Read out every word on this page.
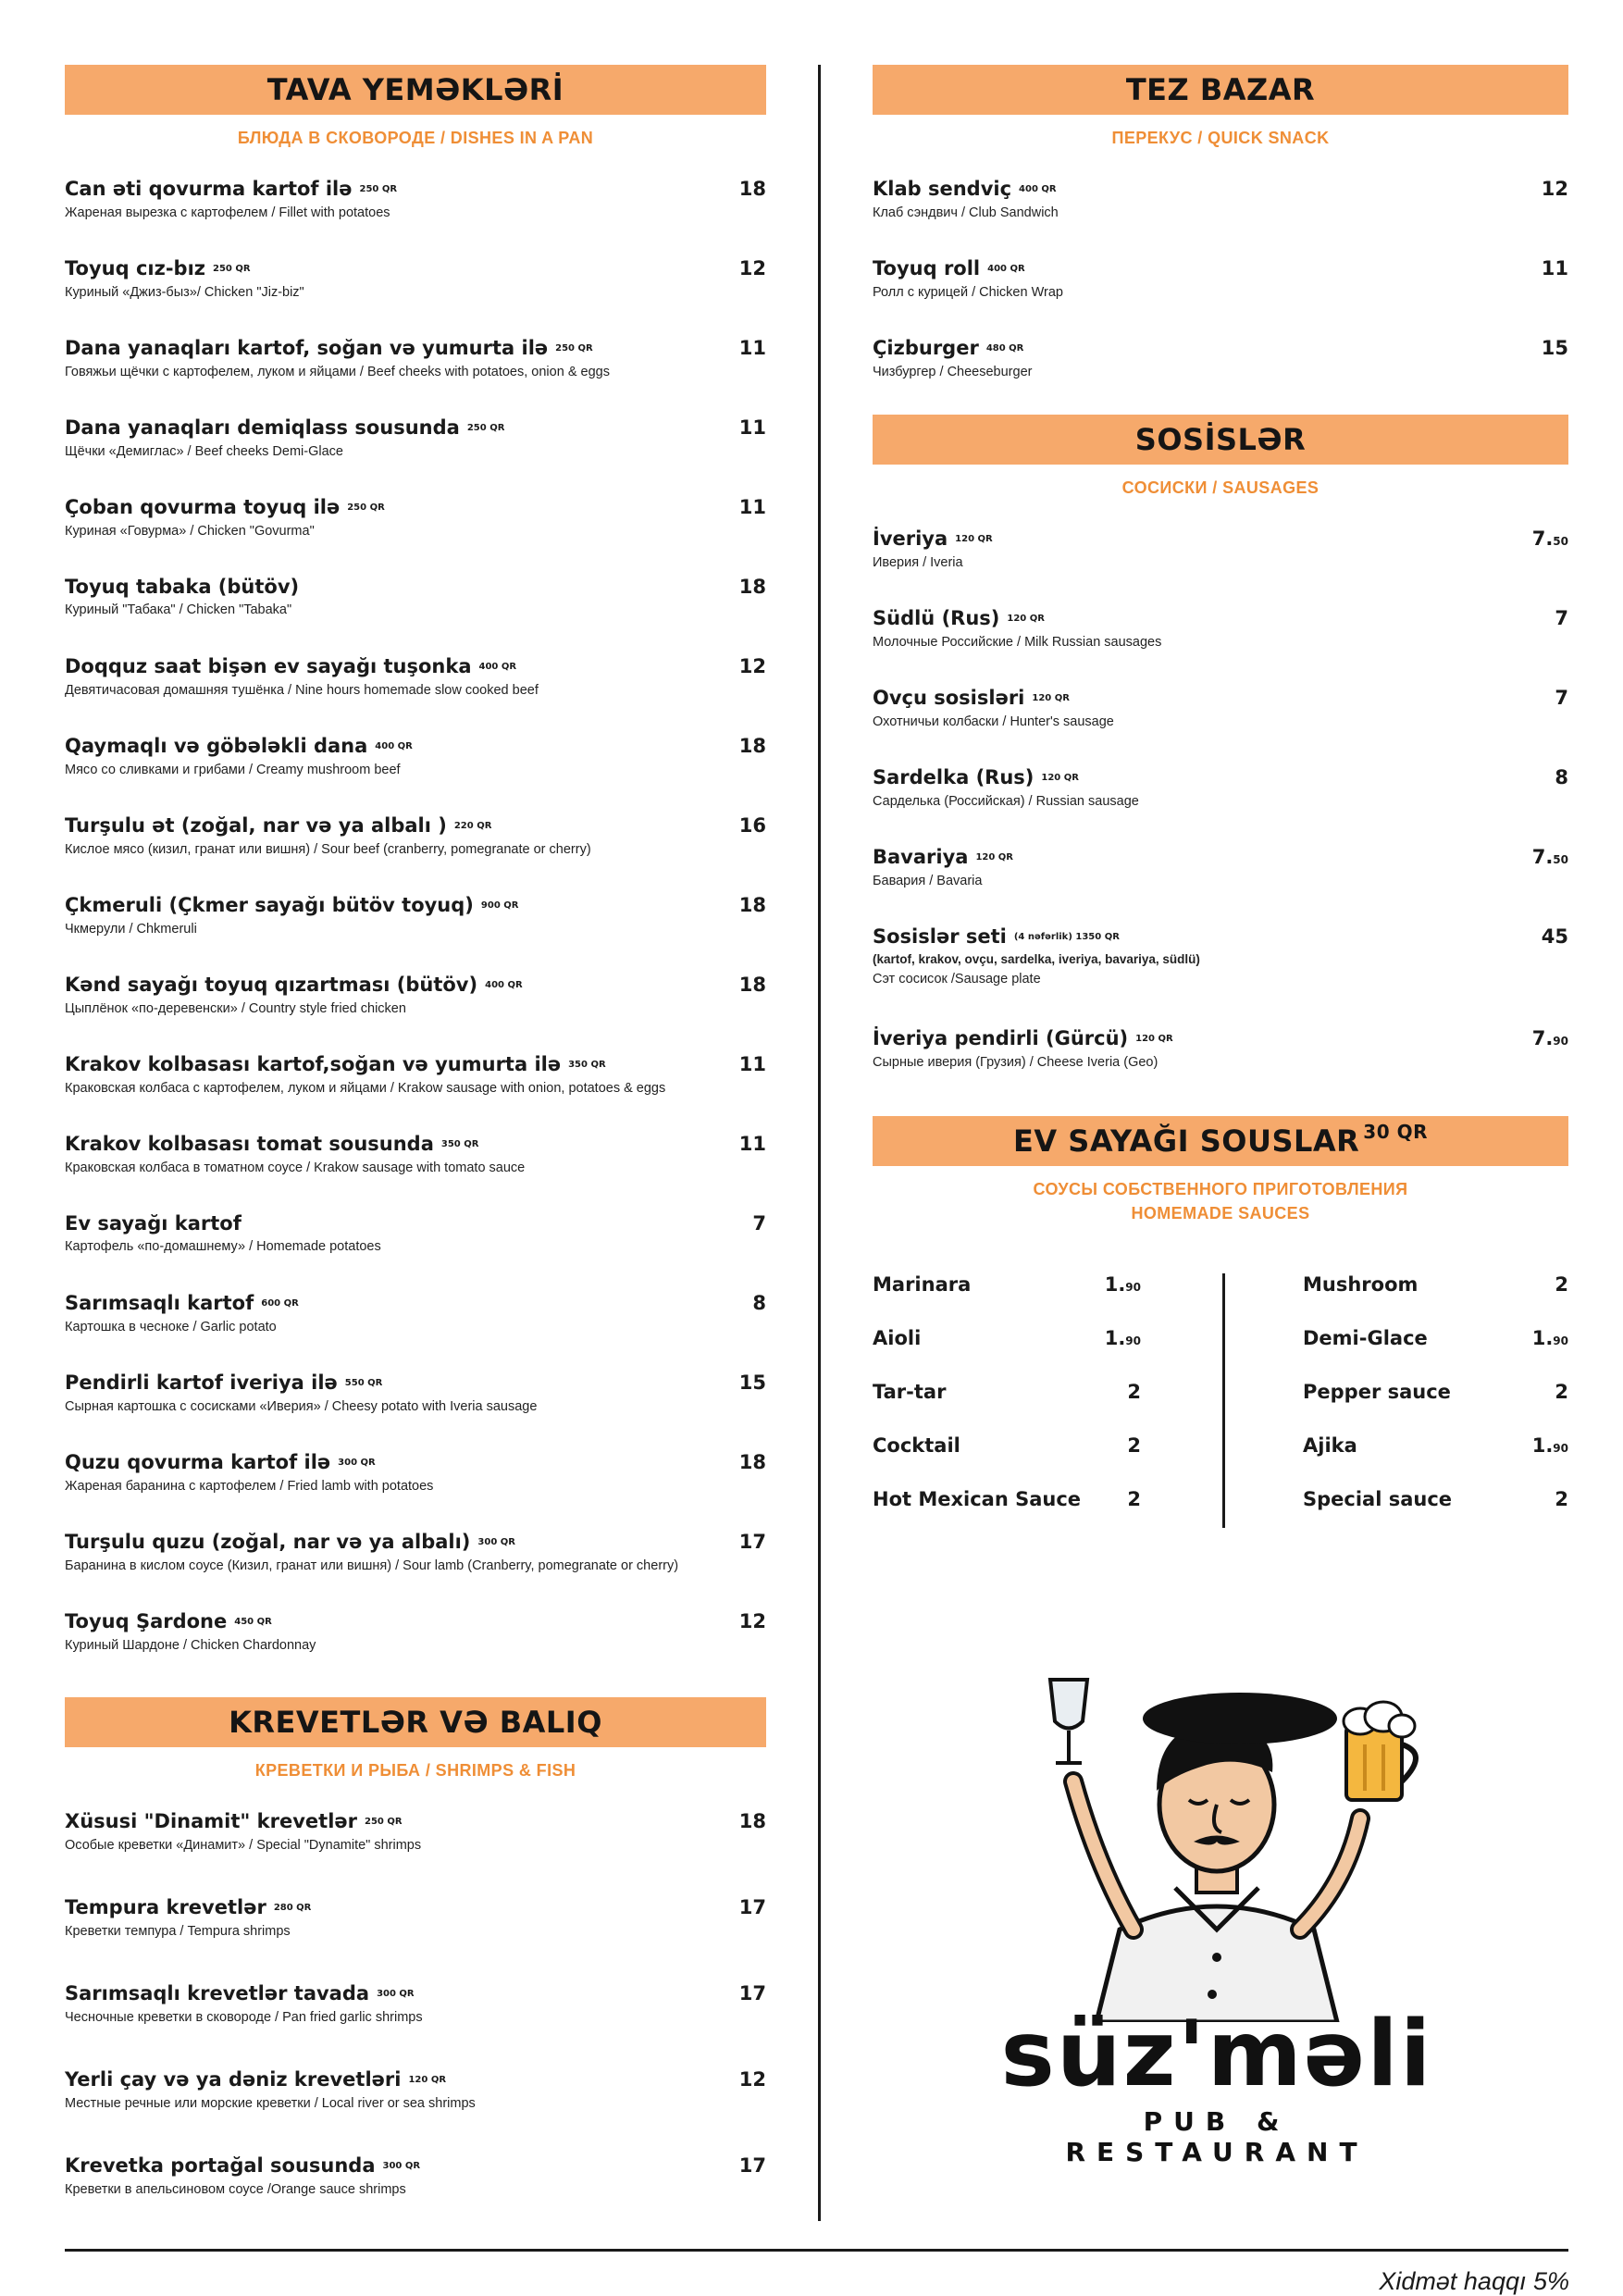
TAVA YEMƏKLƏRİ
БЛЮДА В СКОВОРОДЕ / DISHES IN A PAN
Can əti qovurma kartof ilə 250 QR
Жареная вырезка с картофелем / Fillet with potatoes
18
Toyuq cız-bız 250 QR
Куриный «Джиз-быз»/ Chicken "Jiz-biz"
12
Dana yanaqları kartof, soğan və yumurta ilə 250 QR
Говяжьи щёчки с картофелем, луком и яйцами / Beef cheeks with potatoes, onion & eggs
11
Dana yanaqları demiqlass sousunda 250 QR
Щёчки «Демиглас» / Beef cheeks Demi-Glace
11
Çoban qovurma toyuq ilə 250 QR
Куриная «Говурма» / Chicken "Govurma"
11
Toyuq tabaka (bütöv)
Куриный "Табака" / Chicken "Tabaka"
18
Doqquz saat bişən ev sayağı tuşonka 400 QR
Девятичасовая домашняя тушёнка / Nine hours homemade slow cooked beef
12
Qaymaqlı və göbələkli dana 400 QR
Мясо со сливками и грибами / Creamy mushroom beef
18
Turşulu ət (zoğal, nar və ya albalı ) 220 QR
Кислое мясо (кизил, гранат или вишня) / Sour beef (cranberry, pomegranate or cherry)
16
Çkmeruli (Çkmer sayağı bütöv toyuq) 900 QR
Чкмерули / Chkmeruli
18
Kənd sayağı toyuq qızartması (bütöv) 400 QR
Цыплёнок «по-деревенски» / Country style fried chicken
18
Krakov kolbasası kartof,soğan və yumurta ilə 350 QR
Краковская колбаса с картофелем, луком и яйцами / Krakow sausage with onion, potatoes & eggs
11
Krakov kolbasası tomat sousunda 350 QR
Краковская колбаса в томатном соусе / Krakow sausage with tomato sauce
11
Ev sayağı kartof
Картофель «по-домашнему» / Homemade potatoes
7
Sarımsaqlı kartof 600 QR
Картошка в чесноке / Garlic potato
8
Pendirli kartof iveriya ilə 550 QR
Сырная картошка с сосисками «Иверия» / Cheesy potato with Iveria sausage
15
Quzu qovurma kartof ilə 300 QR
Жареная баранина с картофелем / Fried lamb with potatoes
18
Turşulu quzu (zoğal, nar və ya albalı) 300 QR
Баранина в кислом соусе (Кизил, гранат или вишня) / Sour lamb (Cranberry, pomegranate or cherry)
17
Toyuq Şardone 450 QR
Куриный Шардоне / Chicken Chardonnay
12
KREVETLƏR VƏ BALIQ
КРЕВЕТКИ И РЫБА / SHRIMPS & FISH
Xüsusi "Dinamit" krevetlər 250 QR
Особые креветки «Динамит» / Special "Dynamite" shrimps
18
Tempura krevetlər 280 QR
Креветки темпура / Tempura shrimps
17
Sarımsaqlı krevetlər tavada 300 QR
Чесночные креветки в сковороде / Pan fried garlic shrimps
17
Yerli çay və ya dəniz krevetləri 120 QR
Местные речные или морские креветки / Local river or sea shrimps
12
Krevetka portağal sousunda 300 QR
Креветки в апельсиновом соусе /Orange sauce shrimps
17
TEZ BAZAR
ПЕРЕКУС / QUICK SNACK
Klab sendviç 400 QR
Клаб сэндвич / Club Sandwich
12
Toyuq roll 400 QR
Ролл с курицей / Chicken Wrap
11
Çizburger 480 QR
Чизбургер / Cheeseburger
15
SOSİSLƏR
СОСИСКИ / SAUSAGES
İveriya 120 QR
Иверия / Iveria
7.50
Südlü (Rus) 120 QR
Молочные Российские / Milk Russian sausages
7
Ovçu sosisləri 120 QR
Охотничьи колбаски / Hunter's sausage
7
Sardelka (Rus) 120 QR
Сарделька (Российская) / Russian sausage
8
Bavariya 120 QR
Бавария / Bavaria
7.50
Sosislər seti (4 nəfərlik) 1350 QR
(kartof, krakov, ovçu, sardelka, iveriya, bavariya, südlü)
Сэт сосисок /Sausage plate
45
İveriya pendirli (Gürcü) 120 QR
Сырные иверия (Грузия) / Cheese Iveria (Geo)
7.90
EV SAYAĞI $SOUSLAR^{30 QR}$
СОУСЫ СОБСТВЕННОГО ПРИГОТОВЛЕНИЯ
HOMEMADE SAUCES
Marinara	1.90
Aioli	1.90
Tar-tar	2
Cocktail	2
Hot Mexican Sauce 2
Mushroom	2
Demi-Glace	1.90
Pepper sauce	2
Ajika	1.90
Special sauce	2
süz'məli
PUB & RESTAURANT
Xidmət haqqı 5%
